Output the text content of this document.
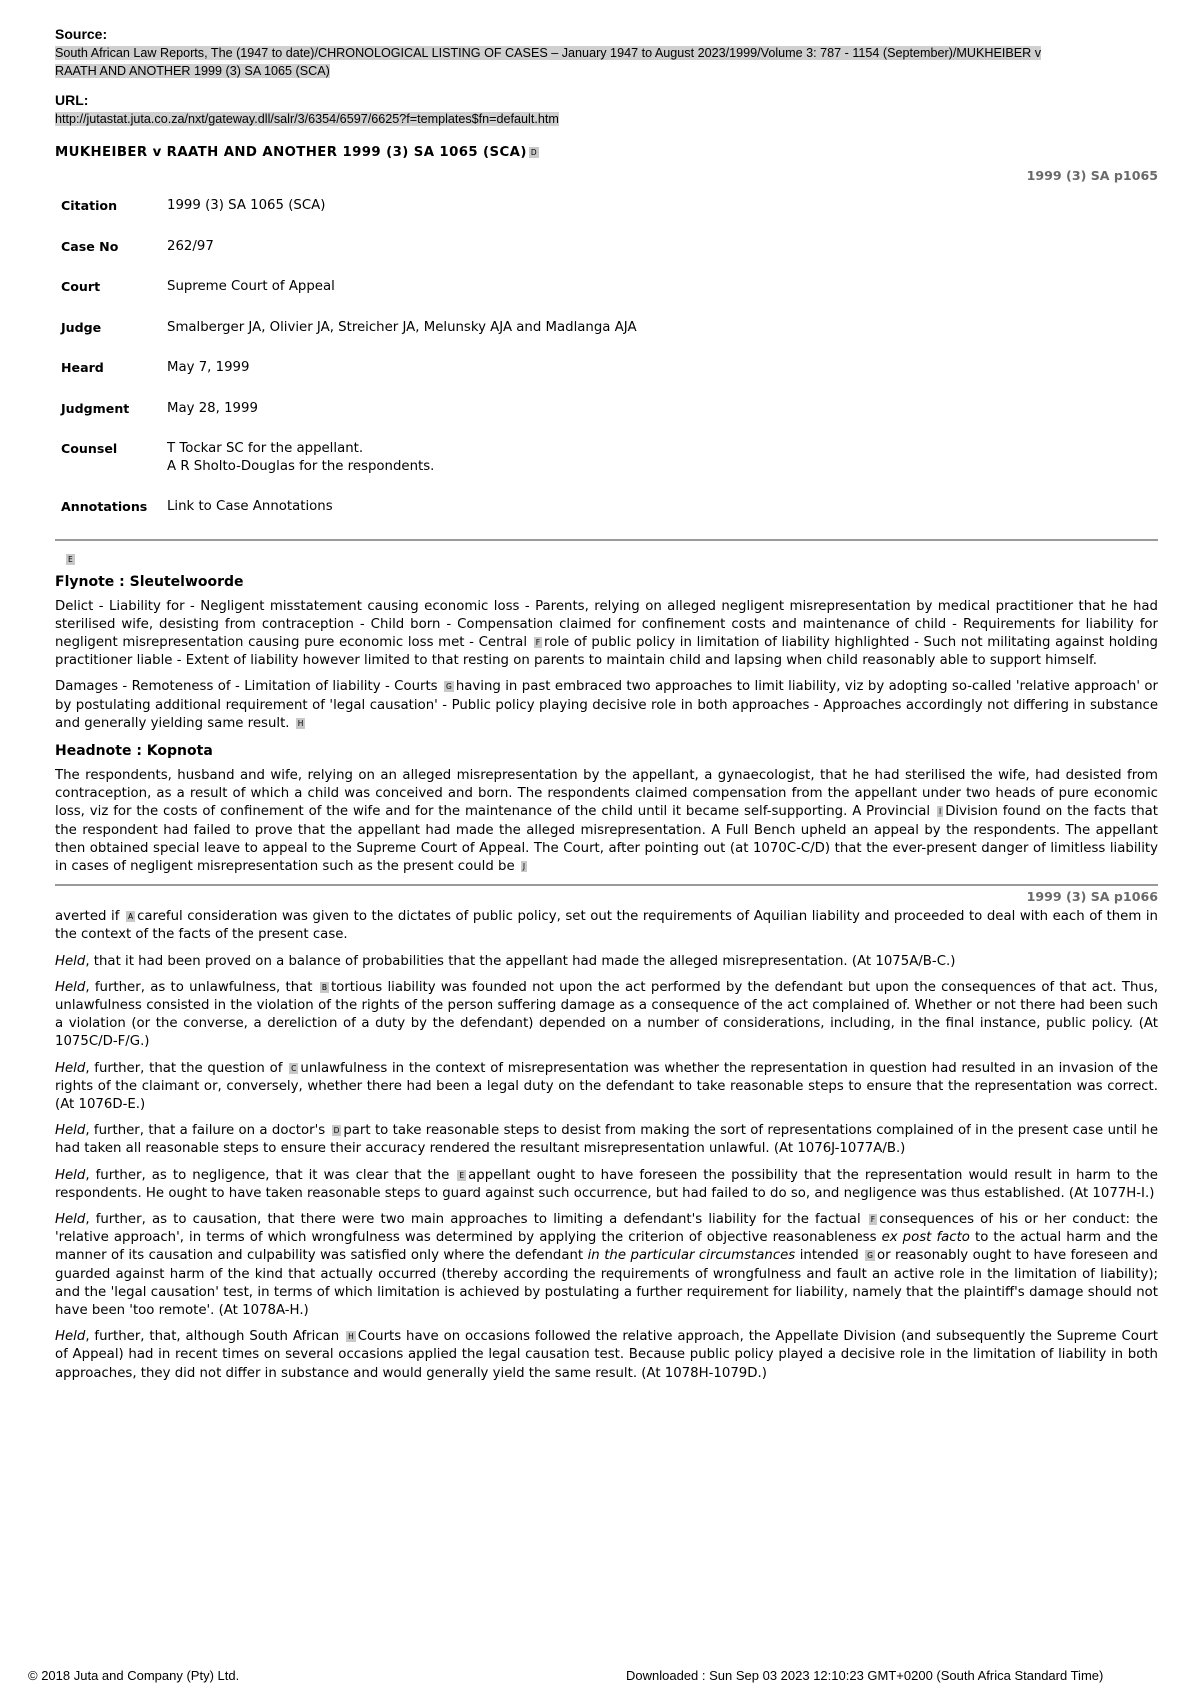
Source:
South African Law Reports, The (1947 to date)/CHRONOLOGICAL LISTING OF CASES – January 1947 to August 2023/1999/Volume 3: 787 - 1154 (September)/MUKHEIBER v RAATH AND ANOTHER 1999 (3) SA 1065 (SCA)
URL:
http://jutastat.juta.co.za/nxt/gateway.dll/salr/3/6354/6597/6625?f=templates$fn=default.htm
MUKHEIBER v RAATH AND ANOTHER 1999 (3) SA 1065 (SCA) D
1999 (3) SA p1065
Citation	1999 (3) SA 1065 (SCA)
Case No	262/97
Court	Supreme Court of Appeal
Judge	Smalberger JA, Olivier JA, Streicher JA, Melunsky AJA and Madlanga AJA
Heard	May 7, 1999
Judgment	May 28, 1999
Counsel	T Tockar SC for the appellant.
A R Sholto-Douglas for the respondents.

Annotations	Link to Case Annotations
E
Flynote : Sleutelwoorde

Delict - Liability for - Negligent misstatement causing economic loss - Parents, relying on alleged negligent misrepresentation by medical practitioner that he had sterilised wife, desisting from contraception - Child born - Compensation claimed for confinement costs and maintenance of child - Requirements for liability for negligent misrepresentation causing pure economic loss met - Central F role of public policy in limitation of liability highlighted - Such not militating against holding practitioner liable - Extent of liability however limited to that resting on parents to maintain child and lapsing when child reasonably able to support himself.

Damages - Remoteness of - Limitation of liability - Courts G having in past embraced two approaches to limit liability, viz by adopting so-called 'relative approach' or by postulating additional requirement of 'legal causation' - Public policy playing decisive role in both approaches - Approaches accordingly not differing in substance and generally yielding same result. H

Headnote : Kopnota

The respondents, husband and wife, relying on an alleged misrepresentation by the appellant, a gynaecologist, that he had sterilised the wife, had desisted from contraception, as a result of which a child was conceived and born. The respondents claimed compensation from the appellant under two heads of pure economic loss, viz for the costs of confinement of the wife and for the maintenance of the child until it became self-supporting. A Provincial I Division found on the facts that the respondent had failed to prove that the appellant had made the alleged misrepresentation. A Full Bench upheld an appeal by the respondents. The appellant then obtained special leave to appeal to the Supreme Court of Appeal. The Court, after pointing out (at 1070C-C/D) that the ever-present danger of limitless liability in cases of negligent misrepresentation such as the present could be J

1999 (3) SA p1066

averted if A careful consideration was given to the dictates of public policy, set out the requirements of Aquilian liability and proceeded to deal with each of them in the context of the facts of the present case.

Held, that it had been proved on a balance of probabilities that the appellant had made the alleged misrepresentation. (At 1075A/B-C.)

Held, further, as to unlawfulness, that B tortious liability was founded not upon the act performed by the defendant but upon the consequences of that act. Thus, unlawfulness consisted in the violation of the rights of the person suffering damage as a consequence of the act complained of. Whether or not there had been such a violation (or the converse, a dereliction of a duty by the defendant) depended on a number of considerations, including, in the final instance, public policy. (At 1075C/D-F/G.)

Held, further, that the question of C unlawfulness in the context of misrepresentation was whether the representation in question had resulted in an invasion of the rights of the claimant or, conversely, whether there had been a legal duty on the defendant to take reasonable steps to ensure that the representation was correct. (At 1076D-E.)

Held, further, that a failure on a doctor's D part to take reasonable steps to desist from making the sort of representations complained of in the present case until he had taken all reasonable steps to ensure their accuracy rendered the resultant misrepresentation unlawful. (At 1076J-1077A/B.)

Held, further, as to negligence, that it was clear that the E appellant ought to have foreseen the possibility that the representation would result in harm to the respondents. He ought to have taken reasonable steps to guard against such occurrence, but had failed to do so, and negligence was thus established. (At 1077H-I.)

Held, further, as to causation, that there were two main approaches to limiting a defendant's liability for the factual F consequences of his or her conduct: the 'relative approach', in terms of which wrongfulness was determined by applying the criterion of objective reasonableness ex post facto to the actual harm and the manner of its causation and culpability was satisfied only where the defendant in the particular circumstances intended G or reasonably ought to have foreseen and guarded against harm of the kind that actually occurred (thereby according the requirements of wrongfulness and fault an active role in the limitation of liability); and the 'legal causation' test, in terms of which limitation is achieved by postulating a further requirement for liability, namely that the plaintiff's damage should not have been 'too remote'. (At 1078A-H.)

Held, further, that, although South African H Courts have on occasions followed the relative approach, the Appellate Division (and subsequently the Supreme Court of Appeal) had in recent times on several occasions applied the legal causation test. Because public policy played a decisive role in the limitation of liability in both approaches, they did not differ in substance and would generally yield the same result. (At 1078H-1079D.)

© 2018 Juta and Company (Pty) Ltd.	Downloaded : Sun Sep 03 2023 12:10:23 GMT+0200 (South Africa Standard Time)
